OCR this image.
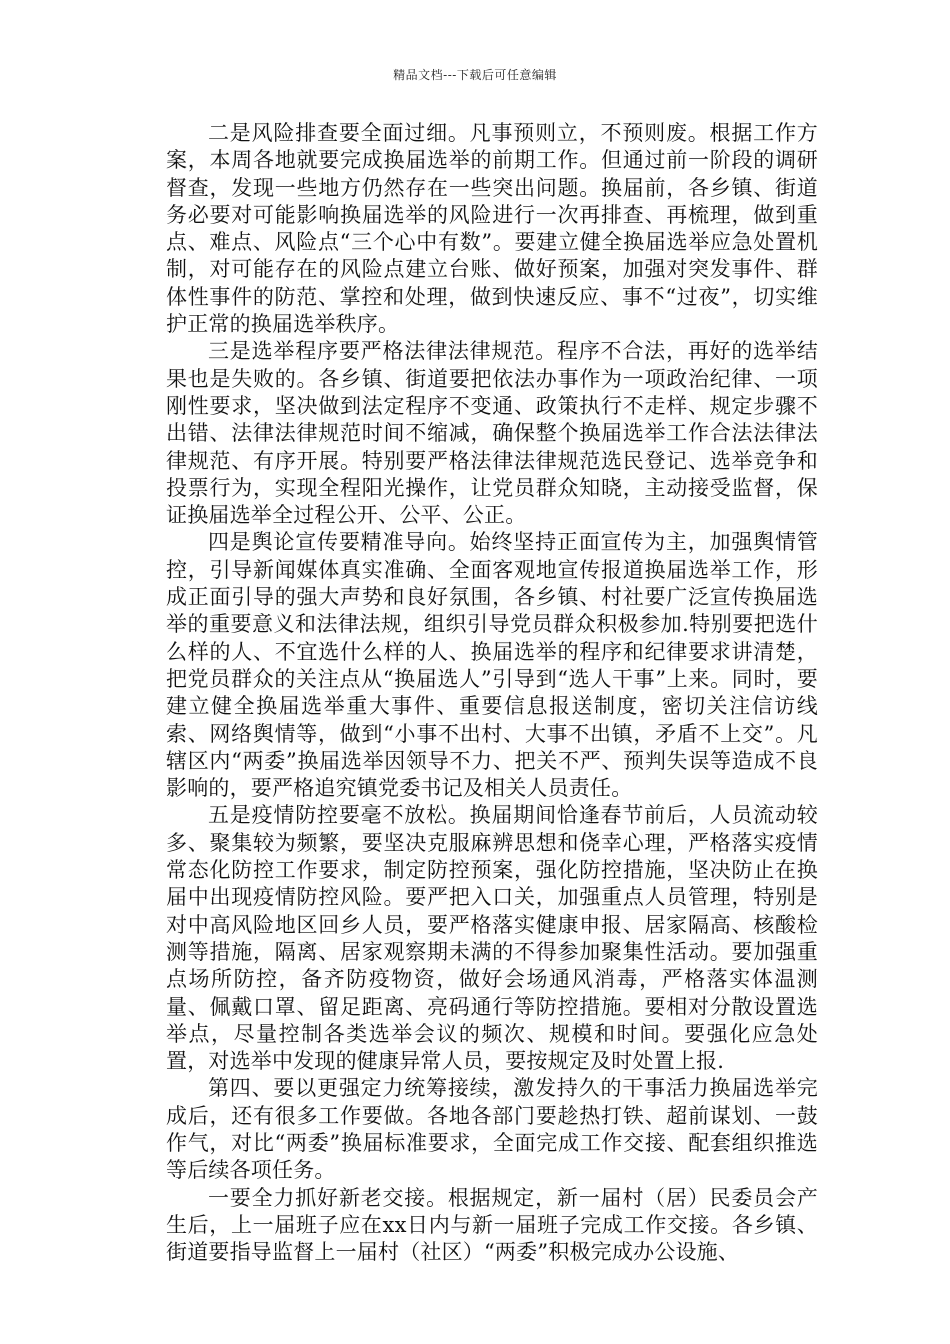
精品文档---下载后可任意编辑

二是风险排查要全面过细。凡事预则立，不预则废。根据工作方案，本周各地就要完成换届选举的前期工作。但通过前一阶段的调研督查，发现一些地方仍然存在一些突出问题。换届前，各乡镇、街道务必要对可能影响换届选举的风险进行一次再排查、再梳理，做到重点、难点、风险点“三个心中有数”。要建立健全换届选举应急处置机制，对可能存在的风险点建立台账、做好预案，加强对突发事件、群体性事件的防范、掌控和处理，做到快速反应、事不“过夜”，切实维护正常的换届选举秩序。

三是选举程序要严格法律法律规范。程序不合法，再好的选举结果也是失败的。各乡镇、街道要把依法办事作为一项政治纪律、一项刚性要求，坚决做到法定程序不变通、政策执行不走样、规定步骤不出错、法律法律规范时间不缩减，确保整个换届选举工作合法法律法律规范、有序开展。特别要严格法律法律规范选民登记、选举竞争和投票行为，实现全程阳光操作，让党员群众知晓，主动接受监督，保证换届选举全过程公开、公平、公正。

四是舆论宣传要精准导向。始终坚持正面宣传为主，加强舆情管控，引导新闻媒体真实准确、全面客观地宣传报道换届选举工作，形成正面引导的强大声势和良好氛围，各乡镇、村社要广泛宣传换届选举的重要意义和法律法规，组织引导党员群众积极参加.特别要把选什么样的人、不宜选什么样的人、换届选举的程序和纪律要求讲清楚，把党员群众的关注点从“换届选人”引导到“选人干事”上来。同时，要建立健全换届选举重大事件、重要信息报送制度，密切关注信访线索、网络舆情等，做到“小事不出村、大事不出镇，矛盾不上交”。凡辖区内“两委”换届选举因领导不力、把关不严、预判失误等造成不良影响的，要严格追究镇党委书记及相关人员责任。

五是疫情防控要毫不放松。换届期间恰逢春节前后，人员流动较多、聚集较为频繁，要坚决克服麻辨思想和侥幸心理，严格落实疫情常态化防控工作要求，制定防控预案，强化防控措施，坚决防止在换届中出现疫情防控风险。要严把入口关，加强重点人员管理，特别是对中高风险地区回乡人员，要严格落实健康申报、居家隔高、核酸检测等措施，隔离、居家观察期未满的不得参加聚集性活动。要加强重点场所防控，备齐防疫物资，做好会场通风消毒，严格落实体温测量、佩戴口罩、留足距离、亮码通行等防控措施。要相对分散设置选举点，尽量控制各类选举会议的频次、规模和时间。要强化应急处置，对选举中发现的健康异常人员，要按规定及时处置上报.

第四、要以更强定力统筹接续，激发持久的干事活力换届选举完成后，还有很多工作要做。各地各部门要趁热打铁、超前谋划、一鼓作气，对比“两委”换届标准要求，全面完成工作交接、配套组织推选等后续各项任务。

一要全力抓好新老交接。根据规定，新一届村（居）民委员会产生后，上一届班子应在xx日内与新一届班子完成工作交接。各乡镇、街道要指导监督上一届村（社区）“两委”积极完成办公设施、
